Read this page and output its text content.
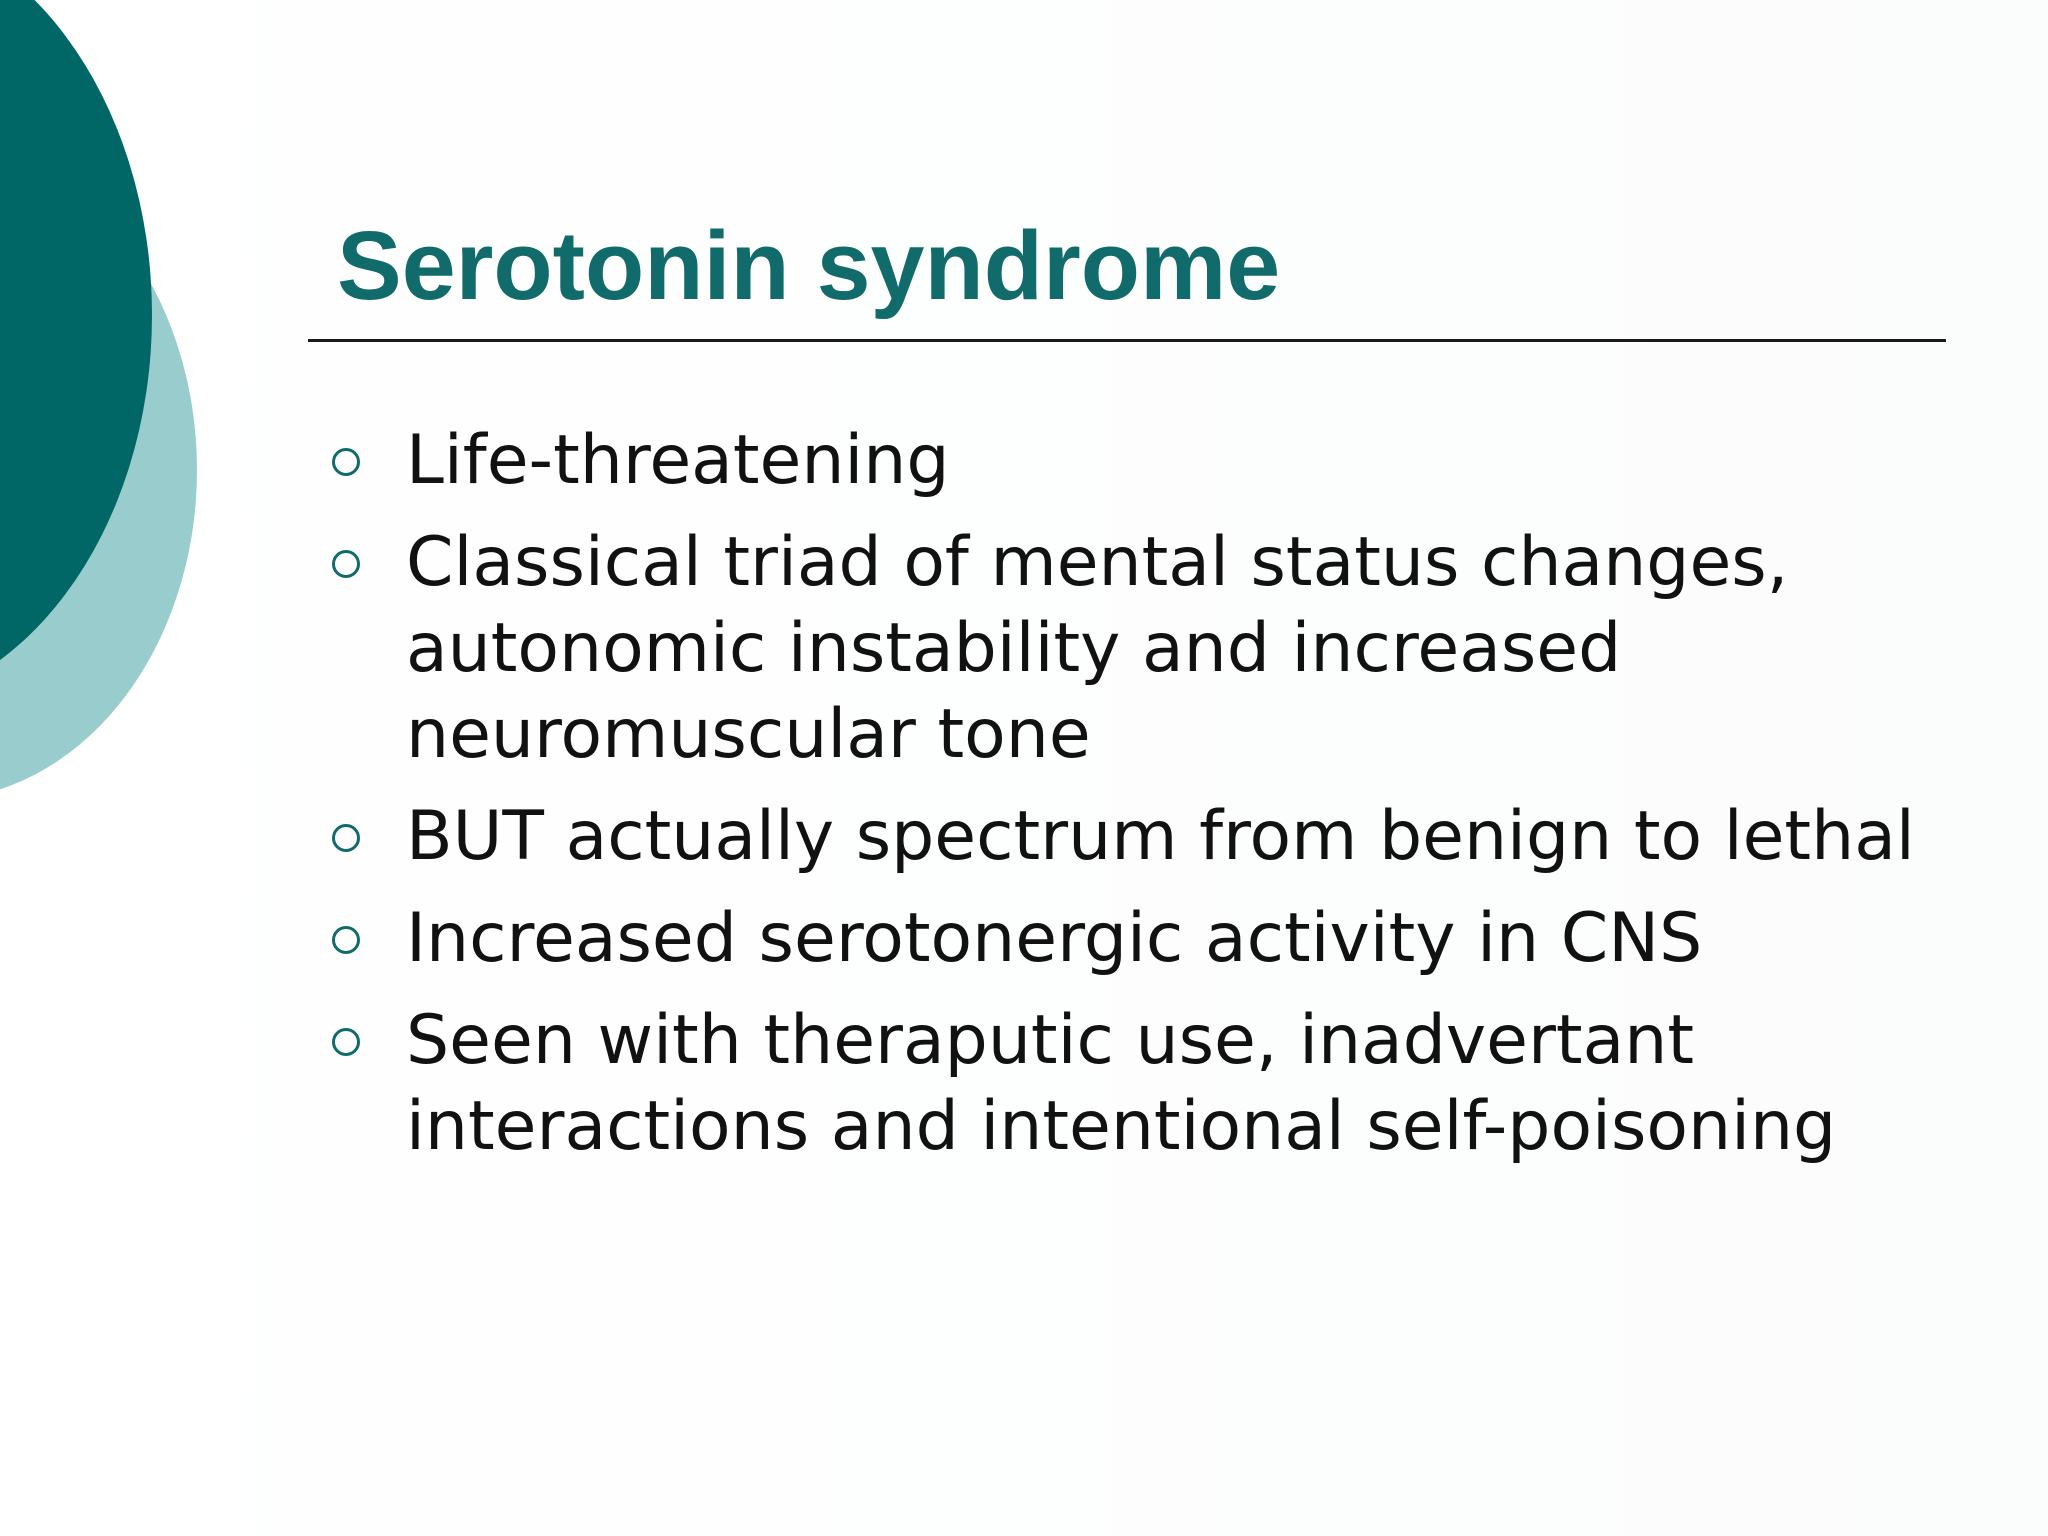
Serotonin syndrome
Life-threatening
Classical triad of mental status changes, autonomic instability and increased neuromuscular tone
BUT actually spectrum from benign to lethal
Increased serotonergic activity in CNS
Seen with theraputic use, inadvertant interactions and intentional self-poisoning
